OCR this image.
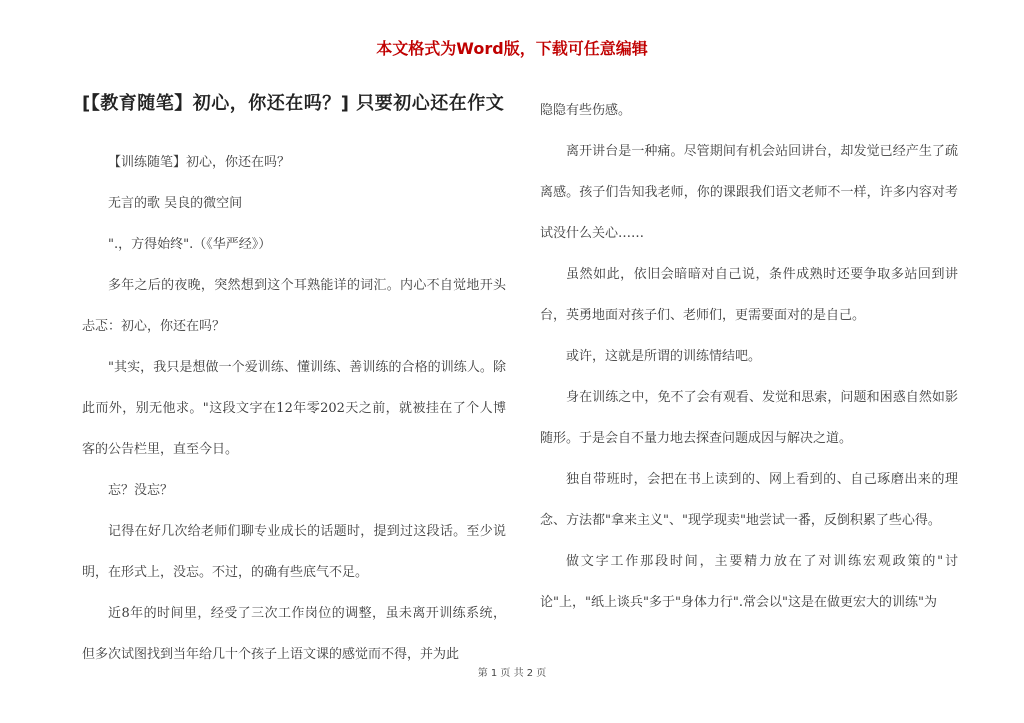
本文格式为Word版，下载可任意编辑
[【教育随笔】初心，你还在吗？] 只要初心还在作文

【训练随笔】初心，你还在吗？

无言的歌 吴良的微空间

".，方得始终".（《华严经》）

多年之后的夜晚，突然想到这个耳熟能详的词汇。内心不自觉地开头忐忑：初心，你还在吗？

"其实，我只是想做一个爱训练、懂训练、善训练的合格的训练人。除此而外，别无他求。"这段文字在12年零202天之前，就被挂在了个人博客的公告栏里，直至今日。

忘？没忘？

记得在好几次给老师们聊专业成长的话题时，提到过这段话。至少说明，在形式上，没忘。不过，的确有些底气不足。

近8年的时间里，经受了三次工作岗位的调整，虽未离开训练系统，但多次试图找到当年给几十个孩子上语文课的感觉而不得，并为此

隐隐有些伤感。

离开讲台是一种痛。尽管期间有机会站回讲台，却发觉已经产生了疏离感。孩子们告知我老师，你的课跟我们语文老师不一样，许多内容对考试没什么关心……

虽然如此，依旧会暗暗对自己说，条件成熟时还要争取多站回到讲台，英勇地面对孩子们、老师们，更需要面对的是自己。

或许，这就是所谓的训练情结吧。

身在训练之中，免不了会有观看、发觉和思索，问题和困惑自然如影随形。于是会自不量力地去探查问题成因与解决之道。

独自带班时，会把在书上读到的、网上看到的、自己琢磨出来的理念、方法都"拿来主义"、"现学现卖"地尝试一番，反倒积累了些心得。

做文字工作那段时间，主要精力放在了对训练宏观政策的"讨论"上，"纸上谈兵"多于"身体力行".常会以"这是在做更宏大的训练"为

第 1 页 共 2 页
